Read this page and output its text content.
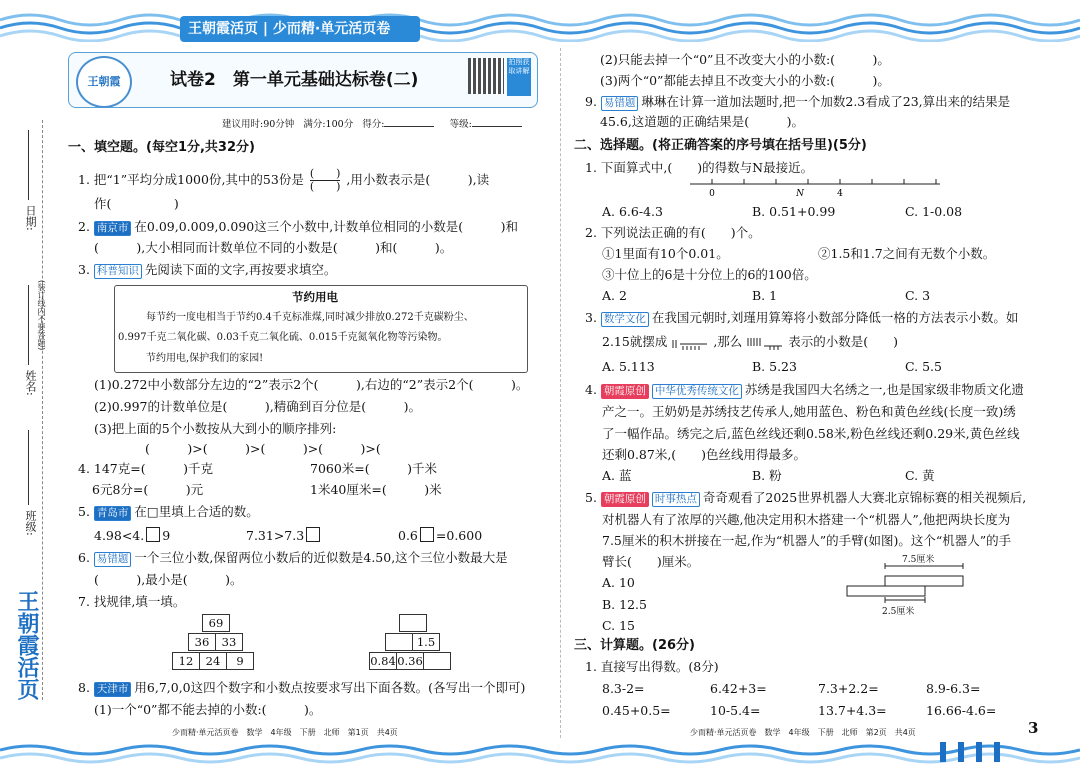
王朝霞活页 | 少而精·单元活页卷
王朝霞	试卷2　第一单元基础达标卷(二)
拍照获取讲解
建议用时:90分钟 满分:100分 得分:	等级:
日期:
姓名:
(装订线内不要答题)
班级:
王朝霞活页
一、填空题。(每空1分,共32分)
1. 把“1”平均分成1000份,其中的53份是 (　　)

(　　) ,用小数表示是(　　　),读
作(　　　　　)
2. 南京市 在0.09,0.009,0.090这三个小数中,计数单位相同的小数是(　　　)和
(　　　),大小相同而计数单位不同的小数是(　　　)和(　　　)。
3. 科普知识 先阅读下面的文字,再按要求填空。
节约用电
每节约一度电相当于节约0.4千克标准煤,同时减少排放0.272千克碳粉尘、
0.997千克二氧化碳、0.03千克二氧化硫、0.015千克氮氧化物等污染物。
节约用电,保护我们的家园!
(1)0.272中小数部分左边的“2”表示2个(　　　),右边的“2”表示2个(　　　)。
(2)0.997的计数单位是(　　　),精确到百分位是(　　　)。
(3)把上面的5个小数按从大到小的顺序排列:
(　　　)>(　　　)>(　　　)>(　　　)>(
4. 147克=(　　　)千克	7060米=(　　　)千米
6元8分=(　　　)元	1米40厘米=(　　　)米
5. 青岛市 在□里填上合适的数。
4.98<4. 9	7.31>7.3	0.6 =0.600
6. 易错题 一个三位小数,保留两位小数后的近似数是4.50,这个三位小数最大是
(　　　),最小是(　　　)。
7. 找规律,填一填。
69
36	33
12	24	9
	1.5
0.84	0.36	
8. 天津市 用6,7,0,0这四个数字和小数点按要求写出下面各数。(各写出一个即可)
(1)一个“0”都不能去掉的小数:(　　　)。
少而精·单元活页卷　数学　4年级　下册　北师　第1页　共4页
(2)只能去掉一个“0”且不改变大小的小数:(　　　)。
(3)两个“0”都能去掉且不改变大小的小数:(　　　)。
9. 易错题 琳琳在计算一道加法题时,把一个加数2.3看成了23,算出来的结果是
45.6,这道题的正确结果是(　　　)。
二、选择题。(将正确答案的序号填在括号里)(5分)
1. 下面算式中,(　　)的得数与N最接近。
0	N	4
A. 6.6-4.3	B. 0.51+0.99	C. 1-0.08
2. 下列说法正确的有(　　)个。
①1里面有10个0.01。	②1.5和1.7之间有无数个小数。
③十位上的6是十分位上的6的100倍。
A. 2	B. 1	C. 3
3. 数学文化 在我国元朝时,刘瑾用算筹将小数部分降低一格的方法表示小数。如
2.15就摆成	,那么	表示的小数是(　　)
A. 5.113	B. 5.23	C. 5.5
4. 朝霞原创 中华优秀传统文化 苏绣是我国四大名绣之一,也是国家级非物质文化遗
产之一。王奶奶是苏绣技艺传承人,她用蓝色、粉色和黄色丝线(长度一致)绣
了一幅作品。绣完之后,蓝色丝线还剩0.58米,粉色丝线还剩0.29米,黄色丝线
还剩0.87米,(　　)色丝线用得最多。
A. 蓝	B. 粉	C. 黄
5. 朝霞原创 时事热点 奇奇观看了2025世界机器人大赛北京锦标赛的相关视频后,
对机器人有了浓厚的兴趣,他决定用积木搭建一个“机器人”,他把两块长度为
7.5厘米的积木拼接在一起,作为“机器人”的手臂(如图)。这个“机器人”的手
臂长(　　)厘米。
A. 10
B. 12.5
C. 15
7.5厘米
2.5厘米
三、计算题。(26分)
1. 直接写出得数。(8分)
8.3-2=	6.42+3=	7.3+2.2=	8.9-6.3=
0.45+0.5=	10-5.4=	13.7+4.3=	16.66-4.6=
少而精·单元活页卷　数学　4年级　下册　北师　第2页　共4页	3
